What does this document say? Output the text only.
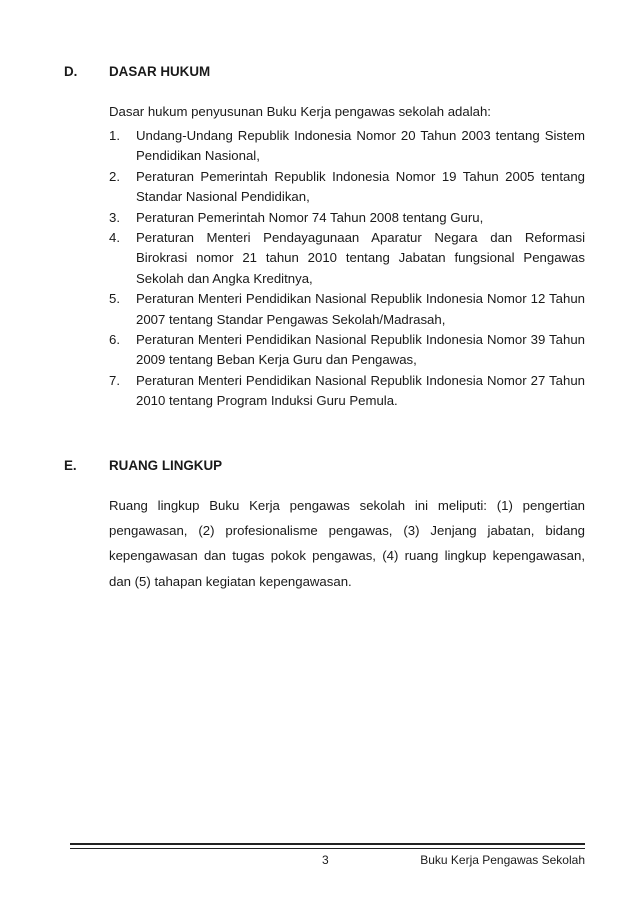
D. DASAR HUKUM
Dasar hukum penyusunan Buku Kerja pengawas sekolah adalah:
1.	Undang-Undang Republik Indonesia Nomor 20 Tahun 2003 tentang Sistem Pendidikan Nasional,
2.	Peraturan Pemerintah Republik Indonesia Nomor 19 Tahun 2005 tentang Standar Nasional Pendidikan,
3.	Peraturan Pemerintah Nomor 74 Tahun 2008 tentang Guru,
4.	Peraturan Menteri Pendayagunaan Aparatur Negara dan Reformasi Birokrasi nomor 21 tahun 2010 tentang Jabatan fungsional Pengawas Sekolah dan Angka Kreditnya,
5.	Peraturan Menteri Pendidikan Nasional Republik Indonesia Nomor 12 Tahun 2007 tentang Standar Pengawas Sekolah/Madrasah,
6.	Peraturan Menteri Pendidikan Nasional Republik Indonesia Nomor 39 Tahun 2009 tentang Beban Kerja Guru dan Pengawas,
7.	Peraturan Menteri Pendidikan Nasional Republik Indonesia Nomor 27 Tahun 2010 tentang Program Induksi Guru Pemula.
E. RUANG LINGKUP
Ruang lingkup Buku Kerja pengawas sekolah ini meliputi: (1) pengertian pengawasan, (2) profesionalisme pengawas, (3) Jenjang jabatan, bidang kepengawasan dan tugas pokok pengawas, (4) ruang lingkup kepengawasan, dan (5) tahapan kegiatan kepengawasan.
3	Buku Kerja Pengawas Sekolah
